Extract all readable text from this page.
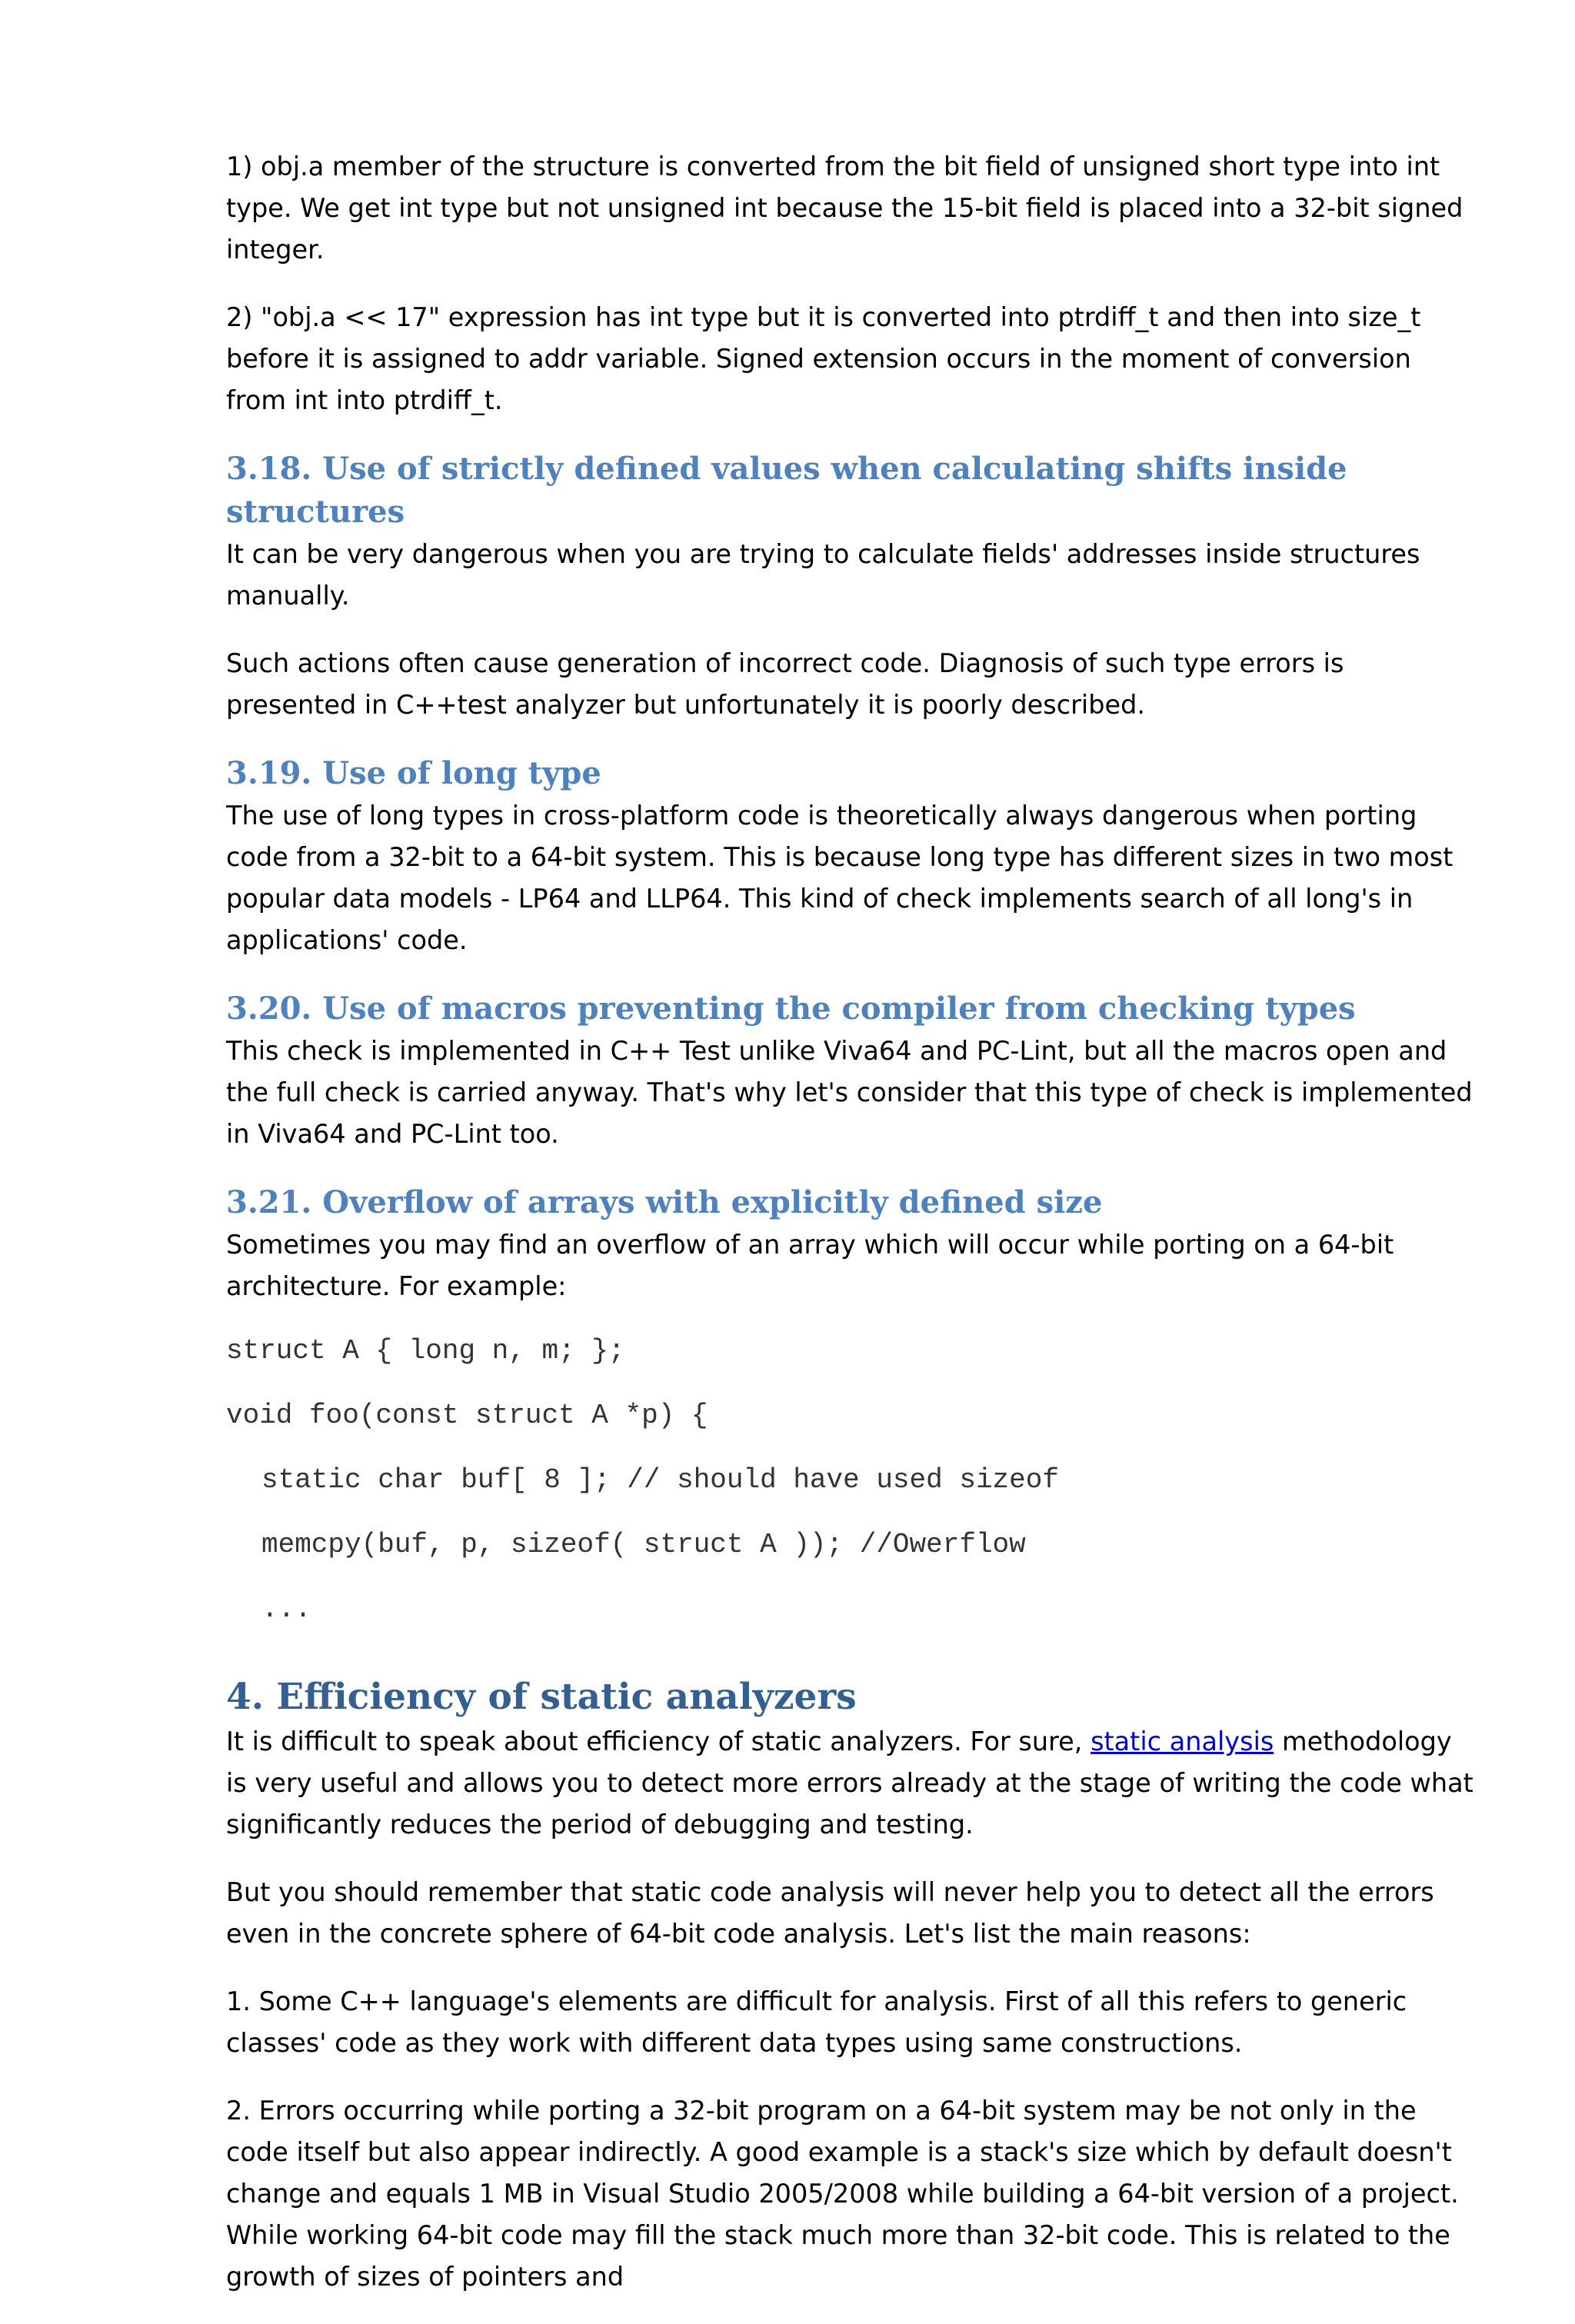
1) obj.a member of the structure is converted from the bit field of unsigned short type into int type. We get int type but not unsigned int because the 15-bit field is placed into a 32-bit signed integer.

2) "obj.a << 17" expression has int type but it is converted into ptrdiff_t and then into size_t before it is assigned to addr variable. Signed extension occurs in the moment of conversion from int into ptrdiff_t.

3.18. Use of strictly defined values when calculating shifts inside structures

It can be very dangerous when you are trying to calculate fields' addresses inside structures manually.

Such actions often cause generation of incorrect code. Diagnosis of such type errors is presented in C++test analyzer but unfortunately it is poorly described.

3.19. Use of long type

The use of long types in cross-platform code is theoretically always dangerous when porting code from a 32-bit to a 64-bit system. This is because long type has different sizes in two most popular data models - LP64 and LLP64. This kind of check implements search of all long's in applications' code.

3.20. Use of macros preventing the compiler from checking types

This check is implemented in C++ Test unlike Viva64 and PC-Lint, but all the macros open and the full check is carried anyway. That's why let's consider that this type of check is implemented in Viva64 and PC-Lint too.

3.21. Overflow of arrays with explicitly defined size

Sometimes you may find an overflow of an array which will occur while porting on a 64-bit architecture. For example:

struct A { long n, m; };
void foo(const struct A *p) {
static char buf[ 8 ]; // should have used sizeof
memcpy(buf, p, sizeof( struct A )); //Owerflow
...
4. Efficiency of static analyzers

It is difficult to speak about efficiency of static analyzers. For sure, static analysis methodology is very useful and allows you to detect more errors already at the stage of writing the code what significantly reduces the period of debugging and testing.

But you should remember that static code analysis will never help you to detect all the errors even in the concrete sphere of 64-bit code analysis. Let's list the main reasons:

1. Some C++ language's elements are difficult for analysis. First of all this refers to generic classes' code as they work with different data types using same constructions.

2. Errors occurring while porting a 32-bit program on a 64-bit system may be not only in the code itself but also appear indirectly. A good example is a stack's size which by default doesn't change and equals 1 MB in Visual Studio 2005/2008 while building a 64-bit version of a project. While working 64-bit code may fill the stack much more than 32-bit code. This is related to the growth of sizes of pointers and
